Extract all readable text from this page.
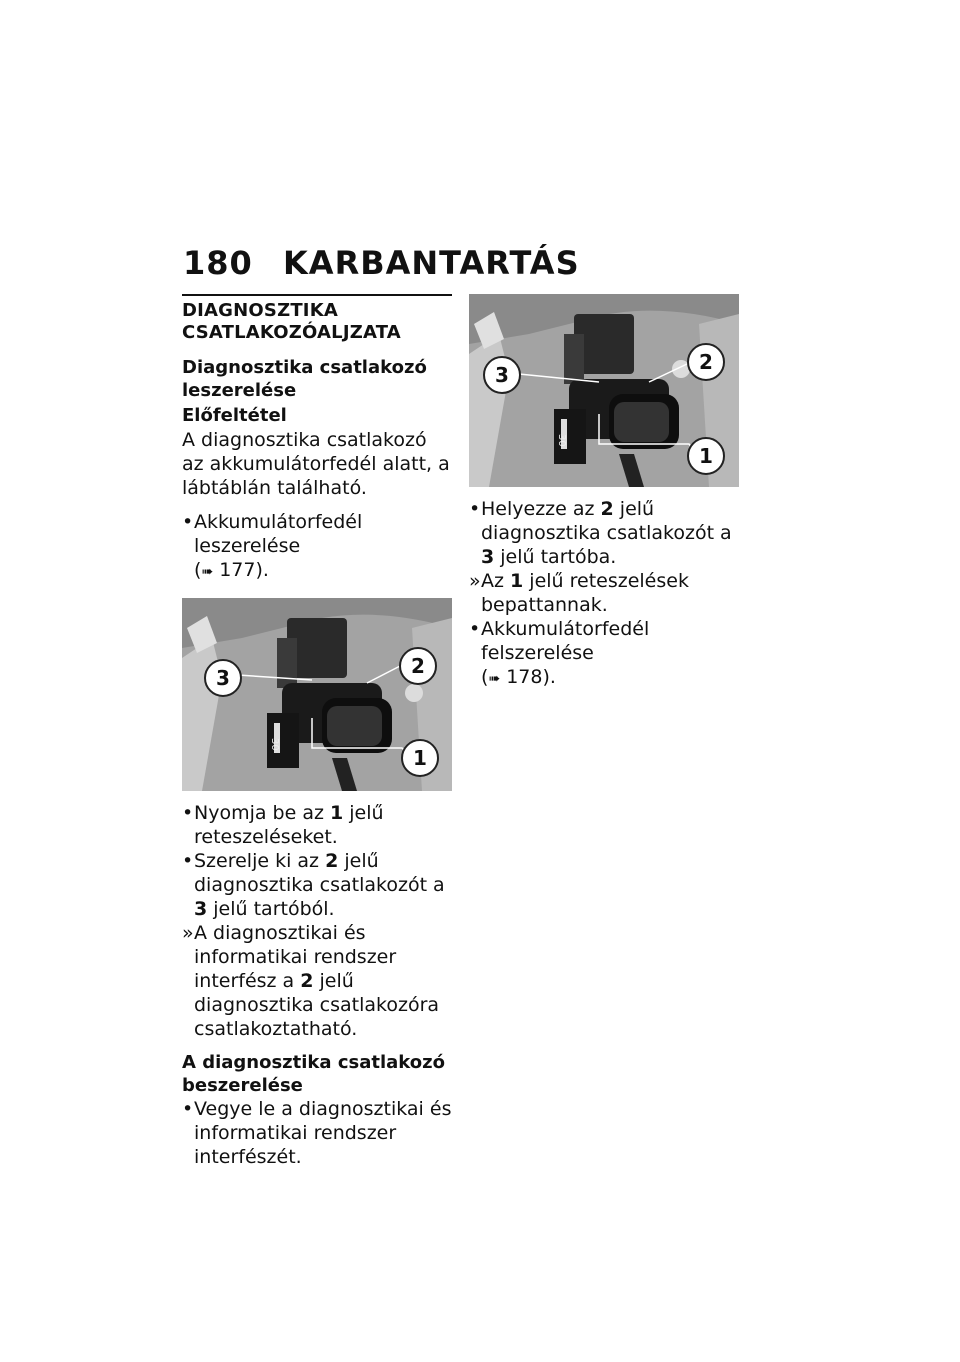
180 KARBANTARTÁS
DIAGNOSZTIKA CSATLAKOZÓALJZATA
Diagnosztika csatlakozó leszerelése
Előfeltétel
A diagnosztika csatlakozó az akkumulátorfedél alatt, a lábtáblán található.
• Akkumulátorfedél leszerelése
(➠ 177).
30
3	2
1
• Nyomja be az 1 jelű reteszeléseket.
• Szerelje ki az 2 jelű diagnosztika csatlakozót a 3 jelű tartóból.
» A diagnosztikai és informatikai rendszer interfész a 2 jelű diagnosztika csatlakozóra csatlakoztatható.
A diagnosztika csatlakozó beszerelése
• Vegye le a diagnosztikai és informatikai rendszer interfészét.
30
3
2
1
• Helyezze az 2 jelű diagnosztika csatlakozót a 3 jelű tartóba.
» Az 1 jelű reteszelések bepattannak.
• Akkumulátorfedél felszerelése
(➠ 178).
